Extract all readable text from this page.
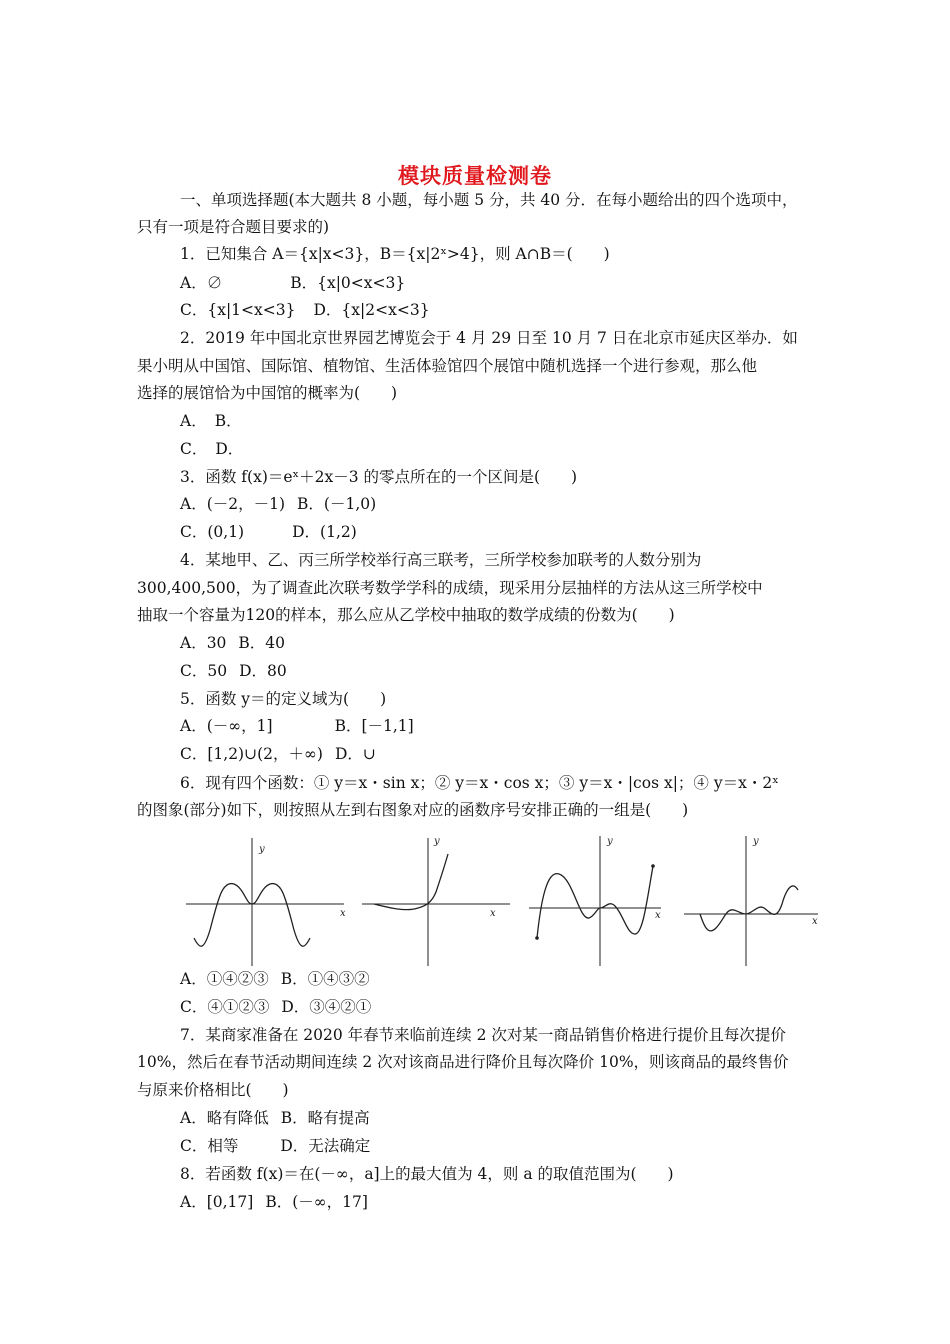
模块质量检测卷
一、单项选择题(本大题共 8 小题，每小题 5 分，共 40 分．在每小题给出的四个选项中，
只有一项是符合题目要求的)
1．已知集合 A＝{x|x<3}，B＝{x|2ˣ>4}，则 A∩B＝(　　)
A．∅	B．{x|0<x<3}
C．{x|1<x<3} D．{x|2<x<3}
2．2019 年中国北京世界园艺博览会于 4 月 29 日至 10 月 7 日在北京市延庆区举办．如
果小明从中国馆、国际馆、植物馆、生活体验馆四个展馆中随机选择一个进行参观，那么他
选择的展馆恰为中国馆的概率为(　　)
A． B．
C． D．
3．函数 f(x)＝eˣ＋2x－3 的零点所在的一个区间是(　　)
A．(－2，－1) B．(－1,0)
C．(0,1)	D．(1,2)
4．某地甲、乙、丙三所学校举行高三联考，三所学校参加联考的人数分别为
300,400,500，为了调查此次联考数学学科的成绩，现采用分层抽样的方法从这三所学校中
抽取一个容量为120的样本，那么应从乙学校中抽取的数学成绩的份数为(　　)
A．30 B．40
C．50 D．80
5．函数 y＝的定义域为(　　)
A．(－∞，1]	B．[－1,1]
C．[1,2)∪(2，＋∞) D．∪
6．现有四个函数：① y＝x・sin x；② y＝x・cos x；③ y＝x・|cos x|；④ y＝x・2ˣ
的图象(部分)如下，则按照从左到右图象对应的函数序号安排正确的一组是(　　)
x
y
x
y
x
y
x
y
A．①④②③ B．①④③②
C．④①②③ D．③④②①
7．某商家准备在 2020 年春节来临前连续 2 次对某一商品销售价格进行提价且每次提价
10%，然后在春节活动期间连续 2 次对该商品进行降价且每次降价 10%，则该商品的最终售价
与原来价格相比(　　)
A．略有降低 B．略有提高
C．相等	D．无法确定
8．若函数 f(x)＝在(－∞，a]上的最大值为 4，则 a 的取值范围为(　　)
A．[0,17] B．(－∞，17]
